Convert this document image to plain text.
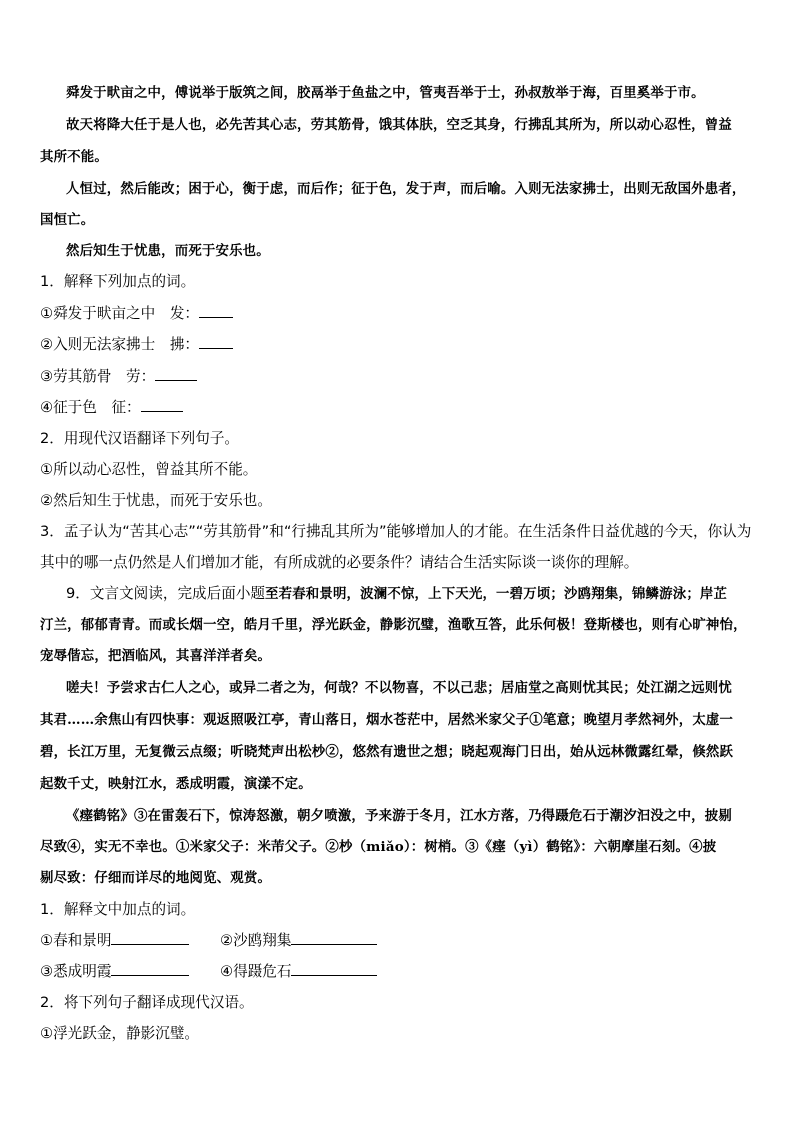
舜发于畎亩之中，傅说举于版筑之间，胶鬲举于鱼盐之中，管夷吾举于士，孙叔敖举于海，百里奚举于市。
故天将降大任于是人也，必先苦其心志，劳其筋骨，饿其体肤，空乏其身，行拂乱其所为，所以动心忍性，曾益
其所不能。
人恒过，然后能改；困于心，衡于虑，而后作；征于色，发于声，而后喻。入则无法家拂士，出则无敌国外患者，
国恒亡。
然后知生于忧患，而死于安乐也。
1．解释下列加点的词。
①舜发于畎亩之中　发：
②入则无法家拂士　拂：
③劳其筋骨　劳：
④征于色　征：
2．用现代汉语翻译下列句子。
①所以动心忍性，曾益其所不能。
②然后知生于忧患，而死于安乐也。
3．孟子认为“苦其心志”“劳其筋骨”和“行拂乱其所为”能够增加人的才能。在生活条件日益优越的今天，你认为
其中的哪一点仍然是人们增加才能，有所成就的必要条件？请结合生活实际谈一谈你的理解。
9．文言文阅读，完成后面小题至若春和景明，波澜不惊，上下天光，一碧万顷；沙鸥翔集，锦鳞游泳；岸芷
汀兰，郁郁青青。而或长烟一空，皓月千里，浮光跃金，静影沉璧，渔歌互答，此乐何极！登斯楼也，则有心旷神怡，
宠辱偕忘，把酒临风，其喜洋洋者矣。
嗟夫！予尝求古仁人之心，或异二者之为，何哉？不以物喜，不以己悲；居庙堂之高则忧其民；处江湖之远则忧
其君……余焦山有四快事：观返照吸江亭，青山落日，烟水苍茫中，居然米家父子①笔意；晚望月孝然祠外，太虚一
碧，长江万里，无复微云点缀；听晓梵声出松杪②，悠然有遗世之想；晓起观海门日出，始从远林微露红晕，倏然跃
起数千丈，映射江水，悉成明霞，演漾不定。
《瘗鹤铭》③在雷轰石下，惊涛怒激，朝夕喷激，予来游于冬月，江水方落，乃得蹑危石于潮汐汩没之中，披剔
尽致④，实无不幸也。①米家父子：米芾父子。②杪（miǎo）：树梢。③《瘗（yì）鹤铭》：六朝摩崖石刻。④披
剔尽致：仔细而详尽的地阅览、观赏。
1．解释文中加点的词。
①春和景明	②沙鸥翔集
③悉成明霞	④得蹑危石
2．将下列句子翻译成现代汉语。
①浮光跃金，静影沉璧。
